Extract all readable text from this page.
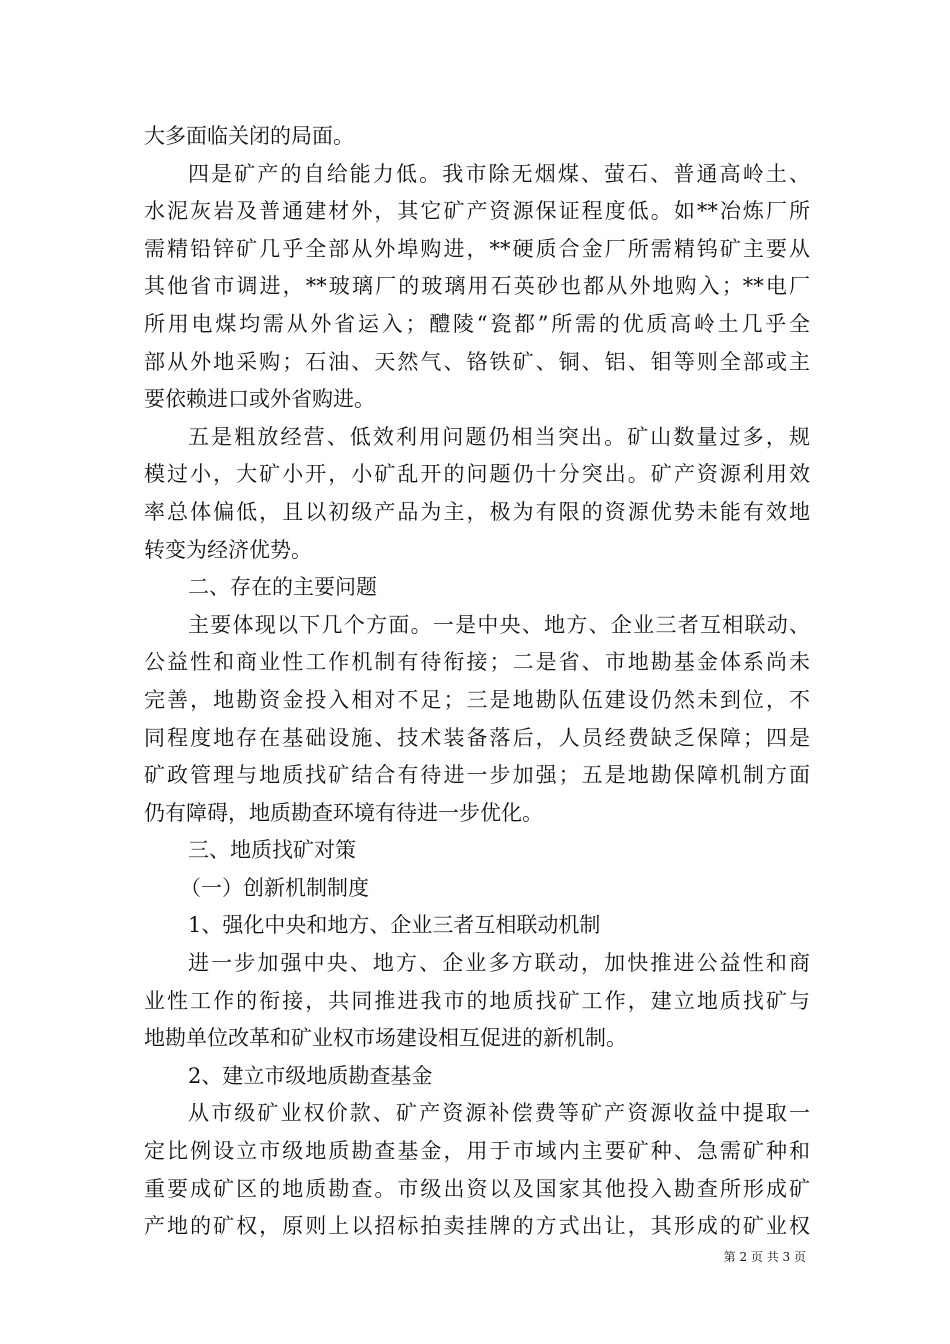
大多面临关闭的局面。
四是矿产的自给能力低。我市除无烟煤、萤石、普通高岭土、
水泥灰岩及普通建材外，其它矿产资源保证程度低。如**冶炼厂所
需精铅锌矿几乎全部从外埠购进，**硬质合金厂所需精钨矿主要从
其他省市调进，**玻璃厂的玻璃用石英砂也都从外地购入；**电厂
所用电煤均需从外省运入；醴陵“瓷都”所需的优质高岭土几乎全
部从外地采购；石油、天然气、铬铁矿、铜、铝、钼等则全部或主
要依赖进口或外省购进。
五是粗放经营、低效利用问题仍相当突出。矿山数量过多，规
模过小，大矿小开，小矿乱开的问题仍十分突出。矿产资源利用效
率总体偏低，且以初级产品为主，极为有限的资源优势未能有效地
转变为经济优势。
二、存在的主要问题
主要体现以下几个方面。一是中央、地方、企业三者互相联动、
公益性和商业性工作机制有待衔接；二是省、市地勘基金体系尚未
完善，地勘资金投入相对不足；三是地勘队伍建设仍然未到位，不
同程度地存在基础设施、技术装备落后，人员经费缺乏保障；四是
矿政管理与地质找矿结合有待进一步加强；五是地勘保障机制方面
仍有障碍，地质勘查环境有待进一步优化。
三、地质找矿对策
（一）创新机制制度
1、强化中央和地方、企业三者互相联动机制
进一步加强中央、地方、企业多方联动，加快推进公益性和商
业性工作的衔接，共同推进我市的地质找矿工作，建立地质找矿与
地勘单位改革和矿业权市场建设相互促进的新机制。
2、建立市级地质勘查基金
从市级矿业权价款、矿产资源补偿费等矿产资源收益中提取一
定比例设立市级地质勘查基金，用于市域内主要矿种、急需矿种和
重要成矿区的地质勘查。市级出资以及国家其他投入勘查所形成矿
产地的矿权，原则上以招标拍卖挂牌的方式出让，其形成的矿业权
第 2 页 共 3 页
